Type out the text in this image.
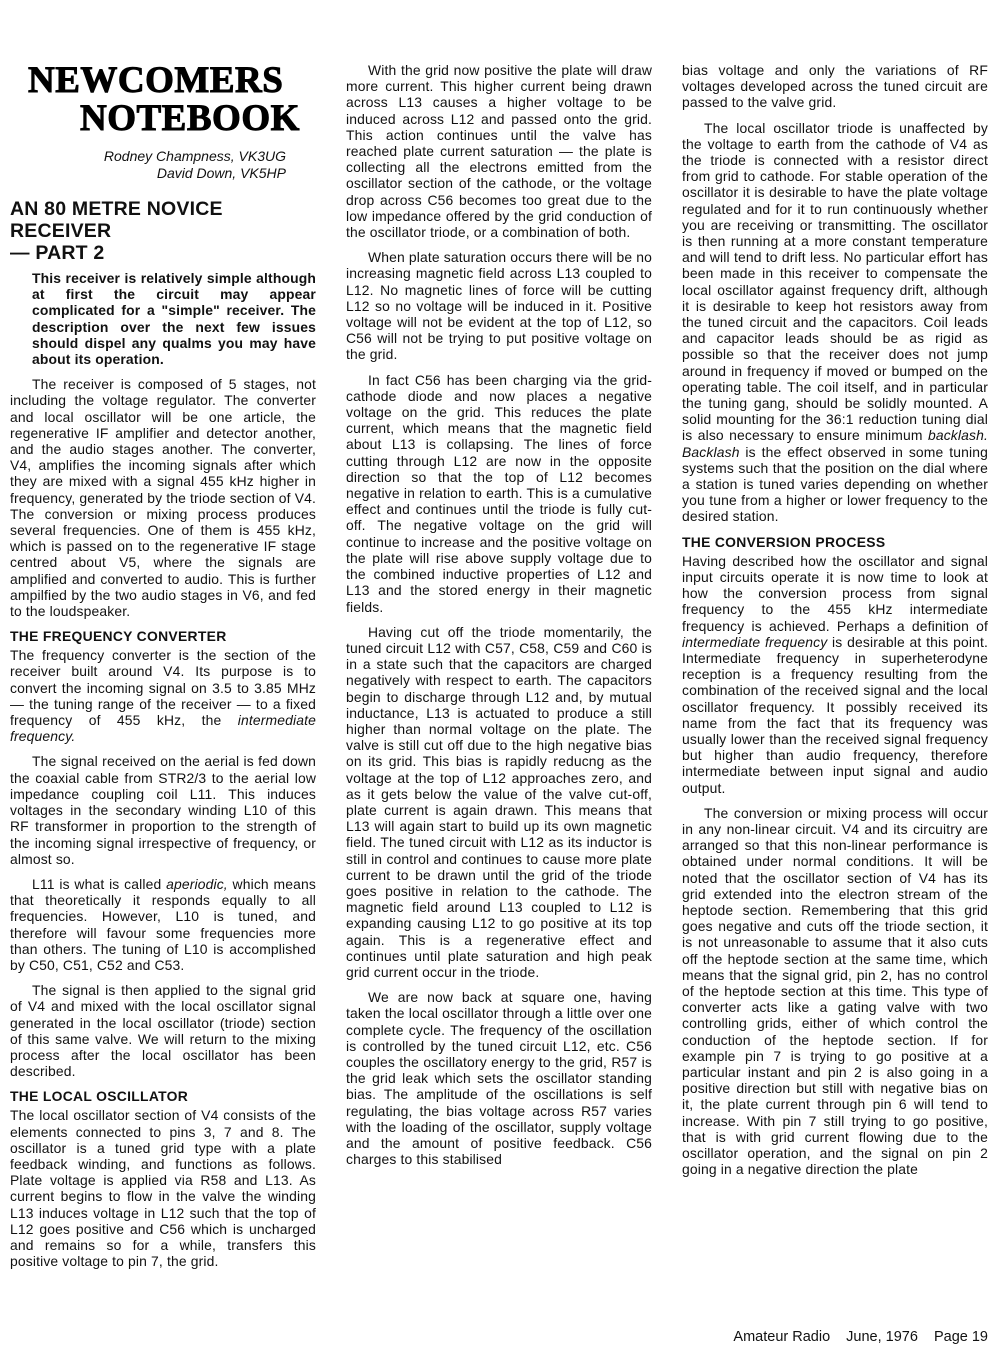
NEWCOMERS
NOTEBOOK
Rodney Champness, VK3UG
David Down, VK5HP
AN 80 METRE NOVICE RECEIVER
— PART 2

This receiver is relatively simple although at first the circuit may appear complicated for a "simple" receiver. The description over the next few issues should dispel any qualms you may have about its operation.

The receiver is composed of 5 stages, not including the voltage regulator. The converter and local oscillator will be one article, the regenerative IF amplifier and detector another, and the audio stages another. The converter, V4, amplifies the incoming signals after which they are mixed with a signal 455 kHz higher in frequency, generated by the triode section of V4. The conversion or mixing process produces several frequencies. One of them is 455 kHz, which is passed on to the regenerative IF stage centred about V5, where the signals are amplified and converted to audio. This is further ampilfied by the two audio stages in V6, and fed to the loudspeaker.

THE FREQUENCY CONVERTER

The frequency converter is the section of the receiver built around V4. Its purpose is to convert the incoming signal on 3.5 to 3.85 MHz — the tuning range of the receiver — to a fixed frequency of 455 kHz, the intermediate frequency.

The signal received on the aerial is fed down the coaxial cable from STR2/3 to the aerial low impedance coupling coil L11. This induces voltages in the secondary winding L10 of this RF transformer in proportion to the strength of the incoming signal irrespective of frequency, or almost so.

L11 is what is called aperiodic, which means that theoretically it responds equally to all frequencies. However, L10 is tuned, and therefore will favour some frequencies more than others. The tuning of L10 is accomplished by C50, C51, C52 and C53.

The signal is then applied to the signal grid of V4 and mixed with the local oscillator signal generated in the local oscillator (triode) section of this same valve. We will return to the mixing process after the local oscillator has been described.

THE LOCAL OSCILLATOR

The local oscillator section of V4 consists of the elements connected to pins 3, 7 and 8. The oscillator is a tuned grid type with a plate feedback winding, and functions as follows. Plate voltage is applied via R58 and L13. As current begins to flow in the valve the winding L13 induces voltage in L12 such that the top of L12 goes positive and C56 which is uncharged and remains so for a while, transfers this positive voltage to pin 7, the grid.

With the grid now positive the plate will draw more current. This higher current being drawn across L13 causes a higher voltage to be induced across L12 and passed onto the grid. This action continues until the valve has reached plate current saturation — the plate is collecting all the electrons emitted from the oscillator section of the cathode, or the voltage drop across C56 becomes too great due to the low impedance offered by the grid conduction of the oscillator triode, or a combination of both.

When plate saturation occurs there will be no increasing magnetic field across L13 coupled to L12. No magnetic lines of force will be cutting L12 so no voltage will be induced in it. Positive voltage will not be evident at the top of L12, so C56 will not be trying to put positive voltage on the grid.

In fact C56 has been charging via the grid-cathode diode and now places a negative voltage on the grid. This reduces the plate current, which means that the magnetic field about L13 is collapsing. The lines of force cutting through L12 are now in the opposite direction so that the top of L12 becomes negative in relation to earth. This is a cumulative effect and continues until the triode is fully cut-off. The negative voltage on the grid will continue to increase and the positive voltage on the plate will rise above supply voltage due to the combined inductive properties of L12 and L13 and the stored energy in their magnetic fields.

Having cut off the triode momentarily, the tuned circuit L12 with C57, C58, C59 and C60 is in a state such that the capacitors are charged negatively with respect to earth. The capacitors begin to discharge through L12 and, by mutual inductance, L13 is actuated to produce a still higher than normal voltage on the plate. The valve is still cut off due to the high negative bias on its grid. This bias is rapidly reducng as the voltage at the top of L12 approaches zero, and as it gets below the value of the valve cut-off, plate current is again drawn. This means that L13 will again start to build up its own magnetic field. The tuned circuit with L12 as its inductor is still in control and continues to cause more plate current to be drawn until the grid of the triode goes positive in relation to the cathode. The magnetic field around L13 coupled to L12 is expanding causing L12 to go positive at its top again. This is a regenerative effect and continues until plate saturation and high peak grid current occur in the triode.

We are now back at square one, having taken the local oscillator through a little over one complete cycle. The frequency of the oscillation is controlled by the tuned circuit L12, etc. C56 couples the oscillatory energy to the grid, R57 is the grid leak which sets the oscillator standing bias. The amplitude of the oscillations is self regulating, the bias voltage across R57 varies with the loading of the oscillator, supply voltage and the amount of positive feedback. C56 charges to this stabilised

bias voltage and only the variations of RF voltages developed across the tuned circuit are passed to the valve grid.

The local oscillator triode is unaffected by the voltage to earth from the cathode of V4 as the triode is connected with a resistor direct from grid to cathode. For stable operation of the oscillator it is desirable to have the plate voltage regulated and for it to run continuously whether you are receiving or transmitting. The oscillator is then running at a more constant temperature and will tend to drift less. No particular effort has been made in this receiver to compensate the local oscillator against frequency drift, although it is desirable to keep hot resistors away from the tuned circuit and the capacitors. Coil leads and capacitor leads should be as rigid as possible so that the receiver does not jump around in frequency if moved or bumped on the operating table. The coil itself, and in particular the tuning gang, should be solidly mounted. A solid mounting for the 36:1 reduction tuning dial is also necessary to ensure minimum backlash. Backlash is the effect observed in some tuning systems such that the position on the dial where a station is tuned varies depending on whether you tune from a higher or lower frequency to the desired station.

THE CONVERSION PROCESS

Having described how the oscillator and signal input circuits operate it is now time to look at how the conversion process from signal frequency to the 455 kHz intermediate frequency is achieved. Perhaps a definition of intermediate frequency is desirable at this point. Intermediate frequency in superheterodyne reception is a frequency resulting from the combination of the received signal and the local oscillator frequency. It possibly received its name from the fact that its frequency was usually lower than the received signal frequency but higher than audio frequency, therefore intermediate between input signal and audio output.

The conversion or mixing process will occur in any non-linear circuit. V4 and its circuitry are arranged so that this non-linear performance is obtained under normal conditions. It will be noted that the oscillator section of V4 has its grid extended into the electron stream of the heptode section. Remembering that this grid goes negative and cuts off the triode section, it is not unreasonable to assume that it also cuts off the heptode section at the same time, which means that the signal grid, pin 2, has no control of the heptode section at this time. This type of converter acts like a gating valve with two controlling grids, either of which control the conduction of the heptode section. If for example pin 7 is trying to go positive at a particular instant and pin 2 is also going in a positive direction but still with negative bias on it, the plate current through pin 6 will tend to increase. With pin 7 still trying to go positive, that is with grid current flowing due to the oscillator operation, and the signal on pin 2 going in a negative direction the plate

Amateur Radio June, 1976 Page 19
